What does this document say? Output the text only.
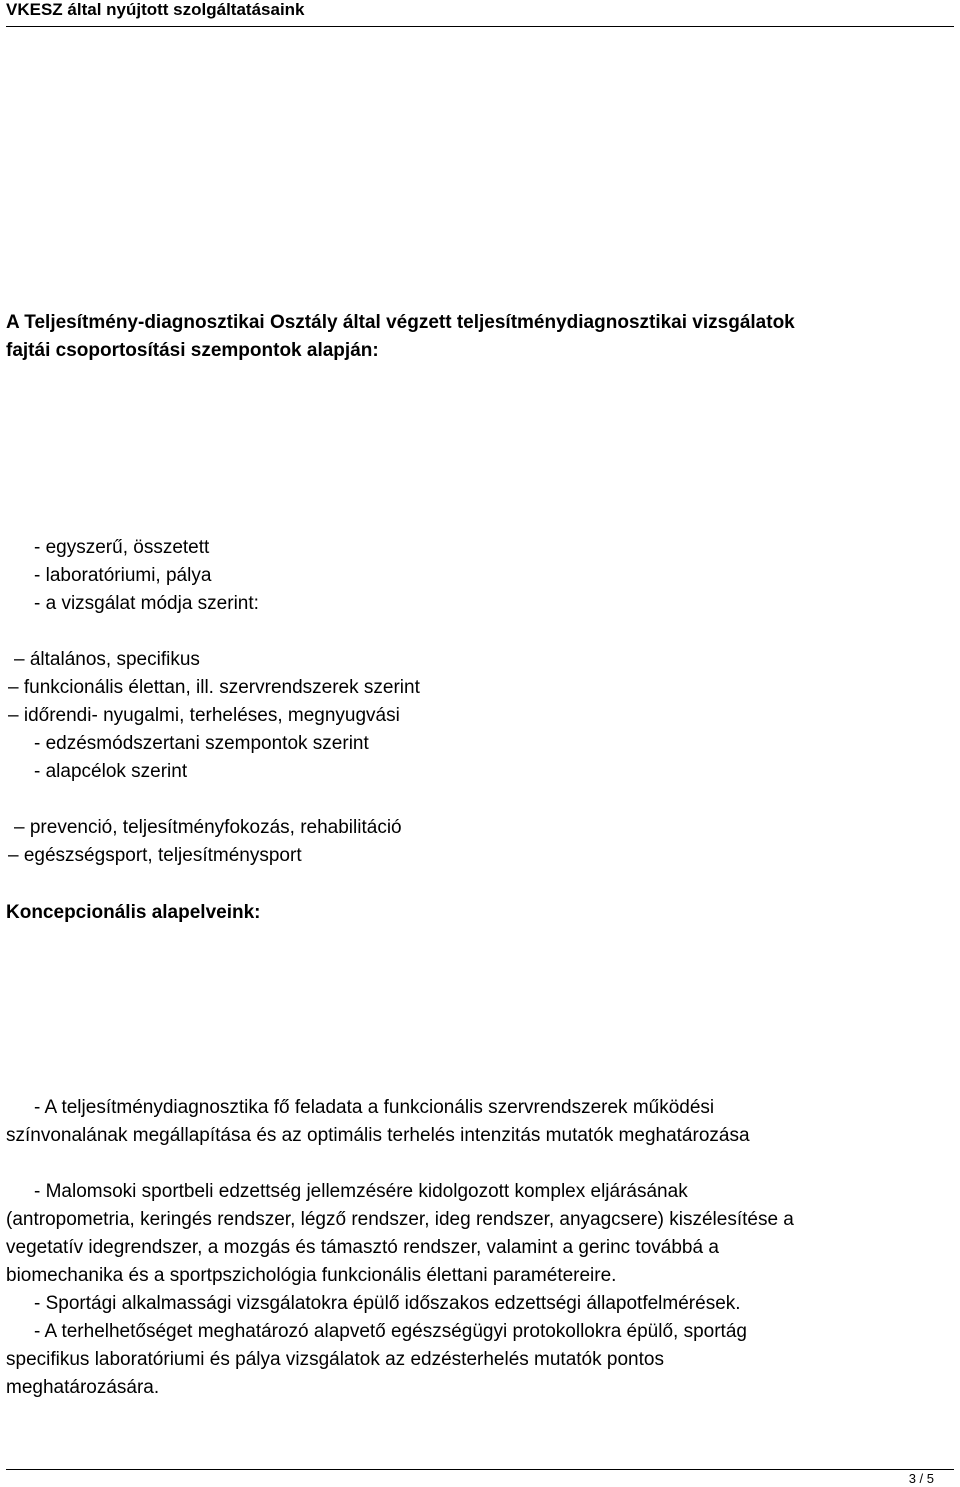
VKESZ által nyújtott szolgáltatásaink
A Teljesítmény-diagnosztikai Osztály által végzett teljesítménydiagnosztikai vizsgálatok
fajtái csoportosítási szempontok alapján:
- egyszerű, összetett
- laboratóriumi, pálya
- a vizsgálat módja szerint:
– általános, specifikus
– funkcionális élettan, ill. szervrendszerek szerint
– időrendi- nyugalmi, terheléses, megnyugvási
- edzésmódszertani szempontok szerint
- alapcélok szerint
– prevenció, teljesítményfokozás, rehabilitáció
– egészségsport, teljesítménysport
Koncepcionális alapelveink:
- A teljesítménydiagnosztika fő feladata a funkcionális szervrendszerek működési
színvonalának megállapítása és az optimális terhelés intenzitás mutatók meghatározása
- Malomsoki sportbeli edzettség jellemzésére kidolgozott komplex eljárásának
(antropometria, keringés rendszer, légző rendszer, ideg rendszer, anyagcsere) kiszélesítése a
vegetatív idegrendszer, a mozgás és támasztó rendszer, valamint a gerinc továbbá a
biomechanika és a sportpszichológia funkcionális élettani paramétereire.
- Sportági alkalmassági vizsgálatokra épülő időszakos edzettségi állapotfelmérések.
- A terhelhetőséget meghatározó alapvető egészségügyi protokollokra épülő, sportág
specifikus laboratóriumi és pálya vizsgálatok az edzésterhelés mutatók pontos
meghatározására.
3 / 5
